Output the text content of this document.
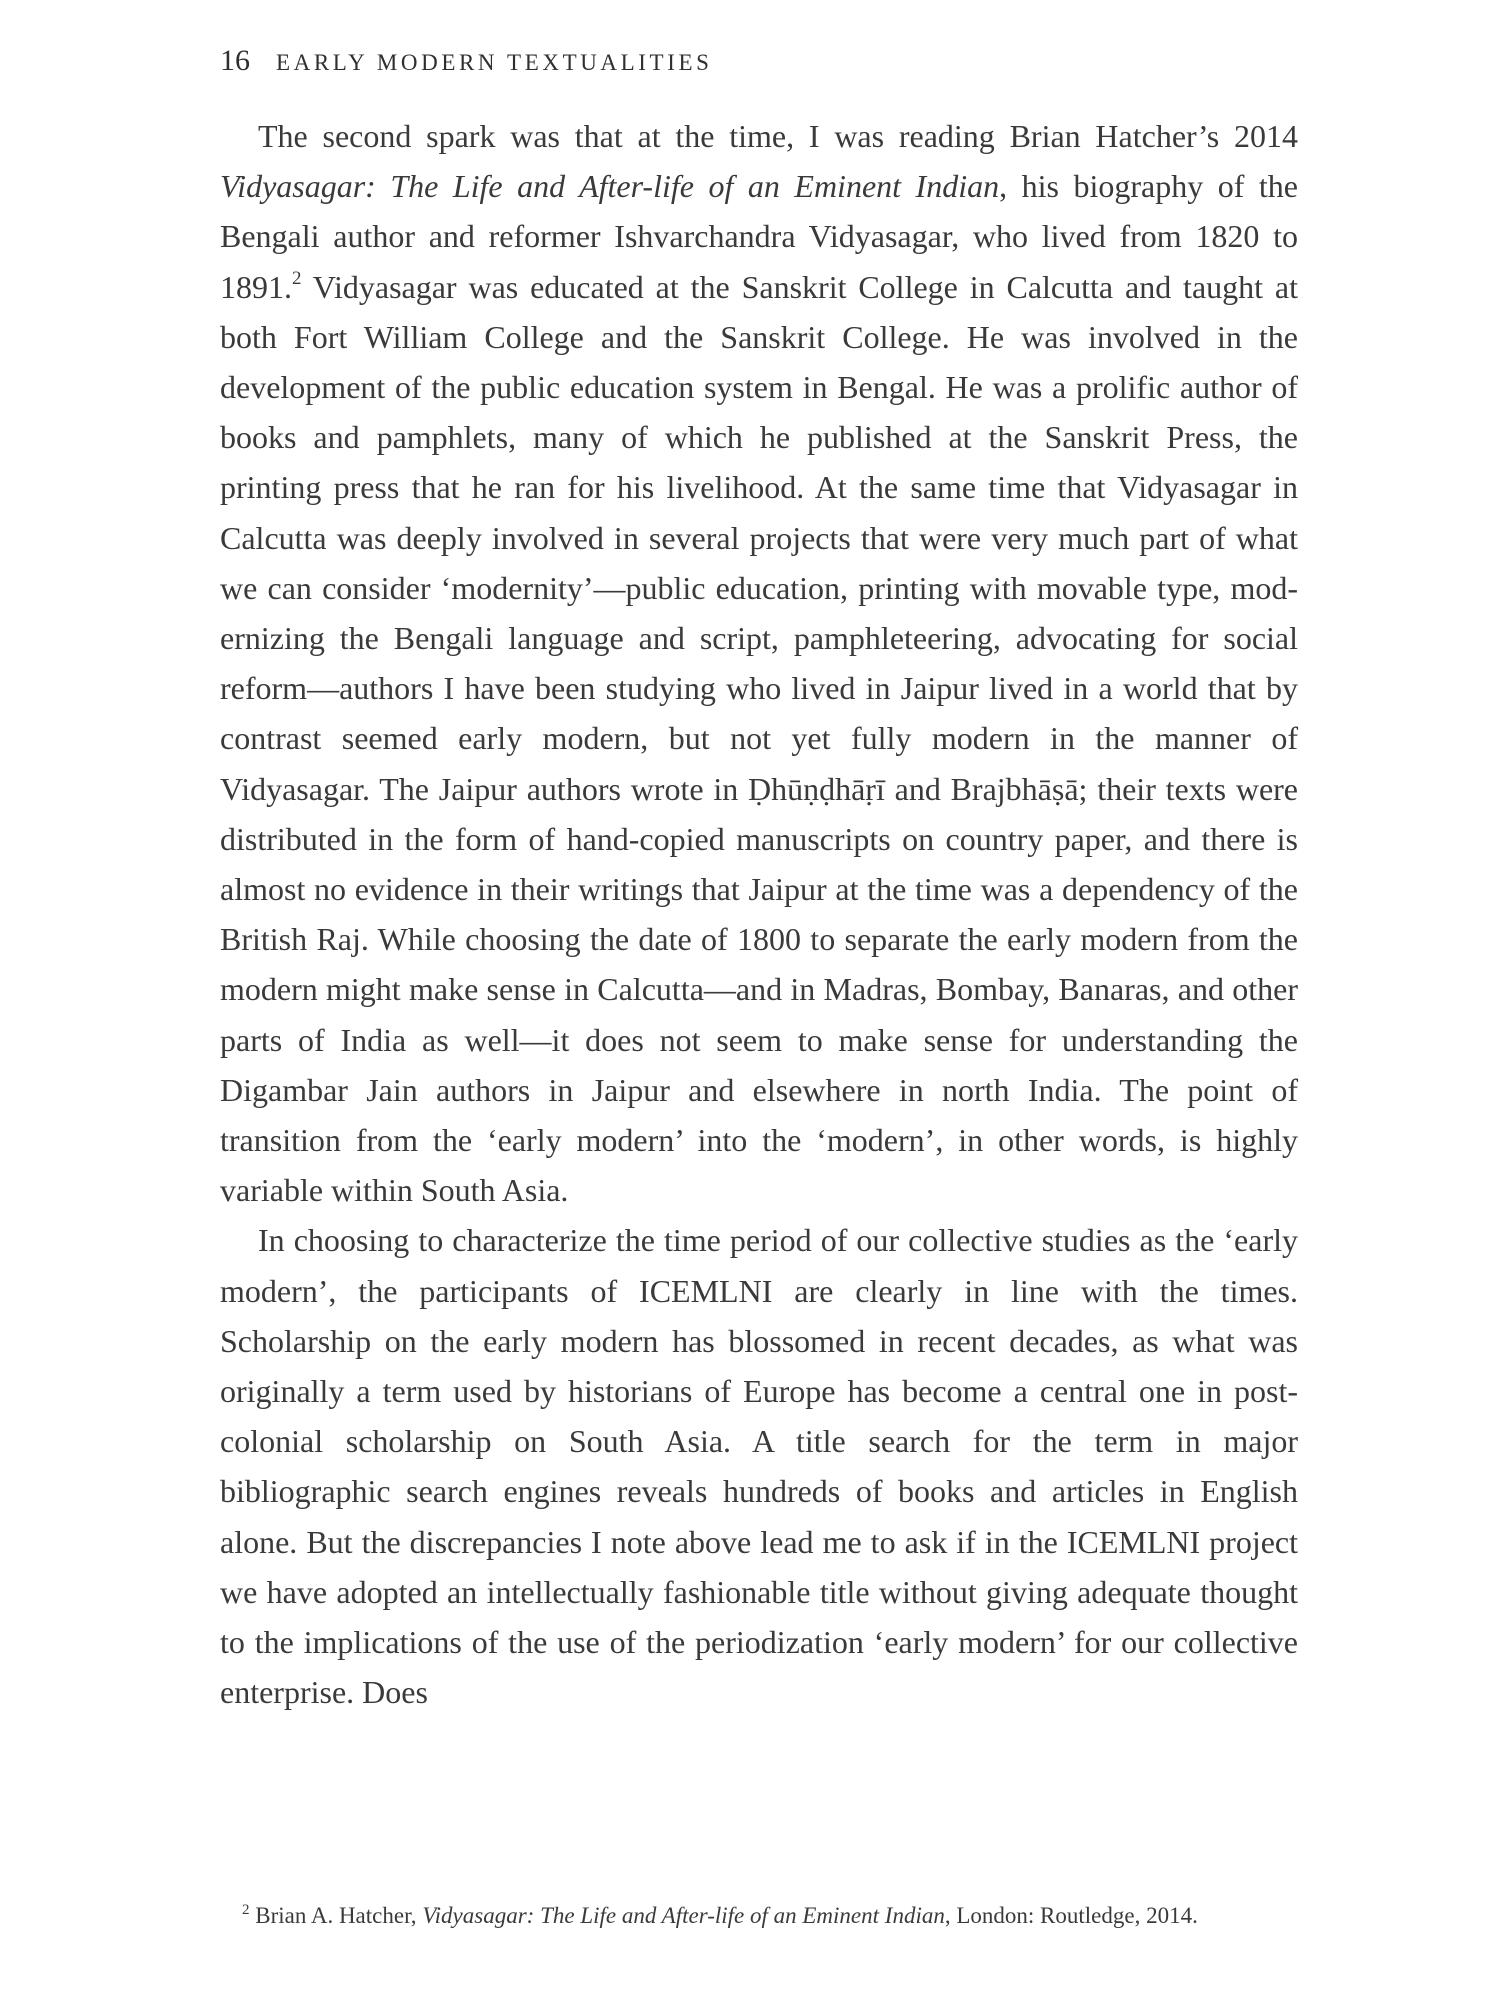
16 EARLY MODERN TEXTUALITIES

The second spark was that at the time, I was reading Brian Hatcher’s 2014 Vidyasagar: The Life and After-life of an Eminent Indian, his biography of the Bengali author and reformer Ishvarchandra Vidyasagar, who lived from 1820 to 1891.$^2$ Vidyasagar was educated at the Sanskrit College in Calcutta and taught at both Fort William College and the Sanskrit College. He was involved in the development of the public education system in Bengal. He was a prolific author of books and pamphlets, many of which he published at the Sanskrit Press, the printing press that he ran for his livelihood. At the same time that Vidyasagar in Calcutta was deeply involved in several projects that were very much part of what we can consider ‘modernity’—public education, printing with movable type, modernizing the Bengali language and script, pamphleteering, advocating for social reform—authors I have been studying who lived in Jaipur lived in a world that by contrast seemed early modern, but not yet fully modern in the manner of Vidyasagar. The Jaipur authors wrote in Ḍhūṇḍhāṛī and Brajbhāṣā; their texts were distributed in the form of hand-copied manuscripts on country paper, and there is almost no evidence in their writings that Jaipur at the time was a dependency of the British Raj. While choosing the date of 1800 to separate the early modern from the modern might make sense in Calcutta—and in Madras, Bombay, Banaras, and other parts of India as well—it does not seem to make sense for understanding the Digambar Jain authors in Jaipur and elsewhere in north India. The point of transition from the ‘early modern’ into the ‘modern’, in other words, is highly variable within South Asia.

In choosing to characterize the time period of our collective studies as the ‘early modern’, the participants of ICEMLNI are clearly in line with the times. Scholarship on the early modern has blossomed in recent decades, as what was originally a term used by historians of Europe has become a central one in post-colonial scholarship on South Asia. A title search for the term in major bibliographic search engines reveals hundreds of books and articles in English alone. But the discrepancies I note above lead me to ask if in the ICEMLNI project we have adopted an intellectually fashionable title without giving adequate thought to the implications of the use of the periodization ‘early modern’ for our collective enterprise. Does

$^2$ Brian A. Hatcher, Vidyasagar: The Life and After-life of an Eminent Indian, London: Routledge, 2014.
